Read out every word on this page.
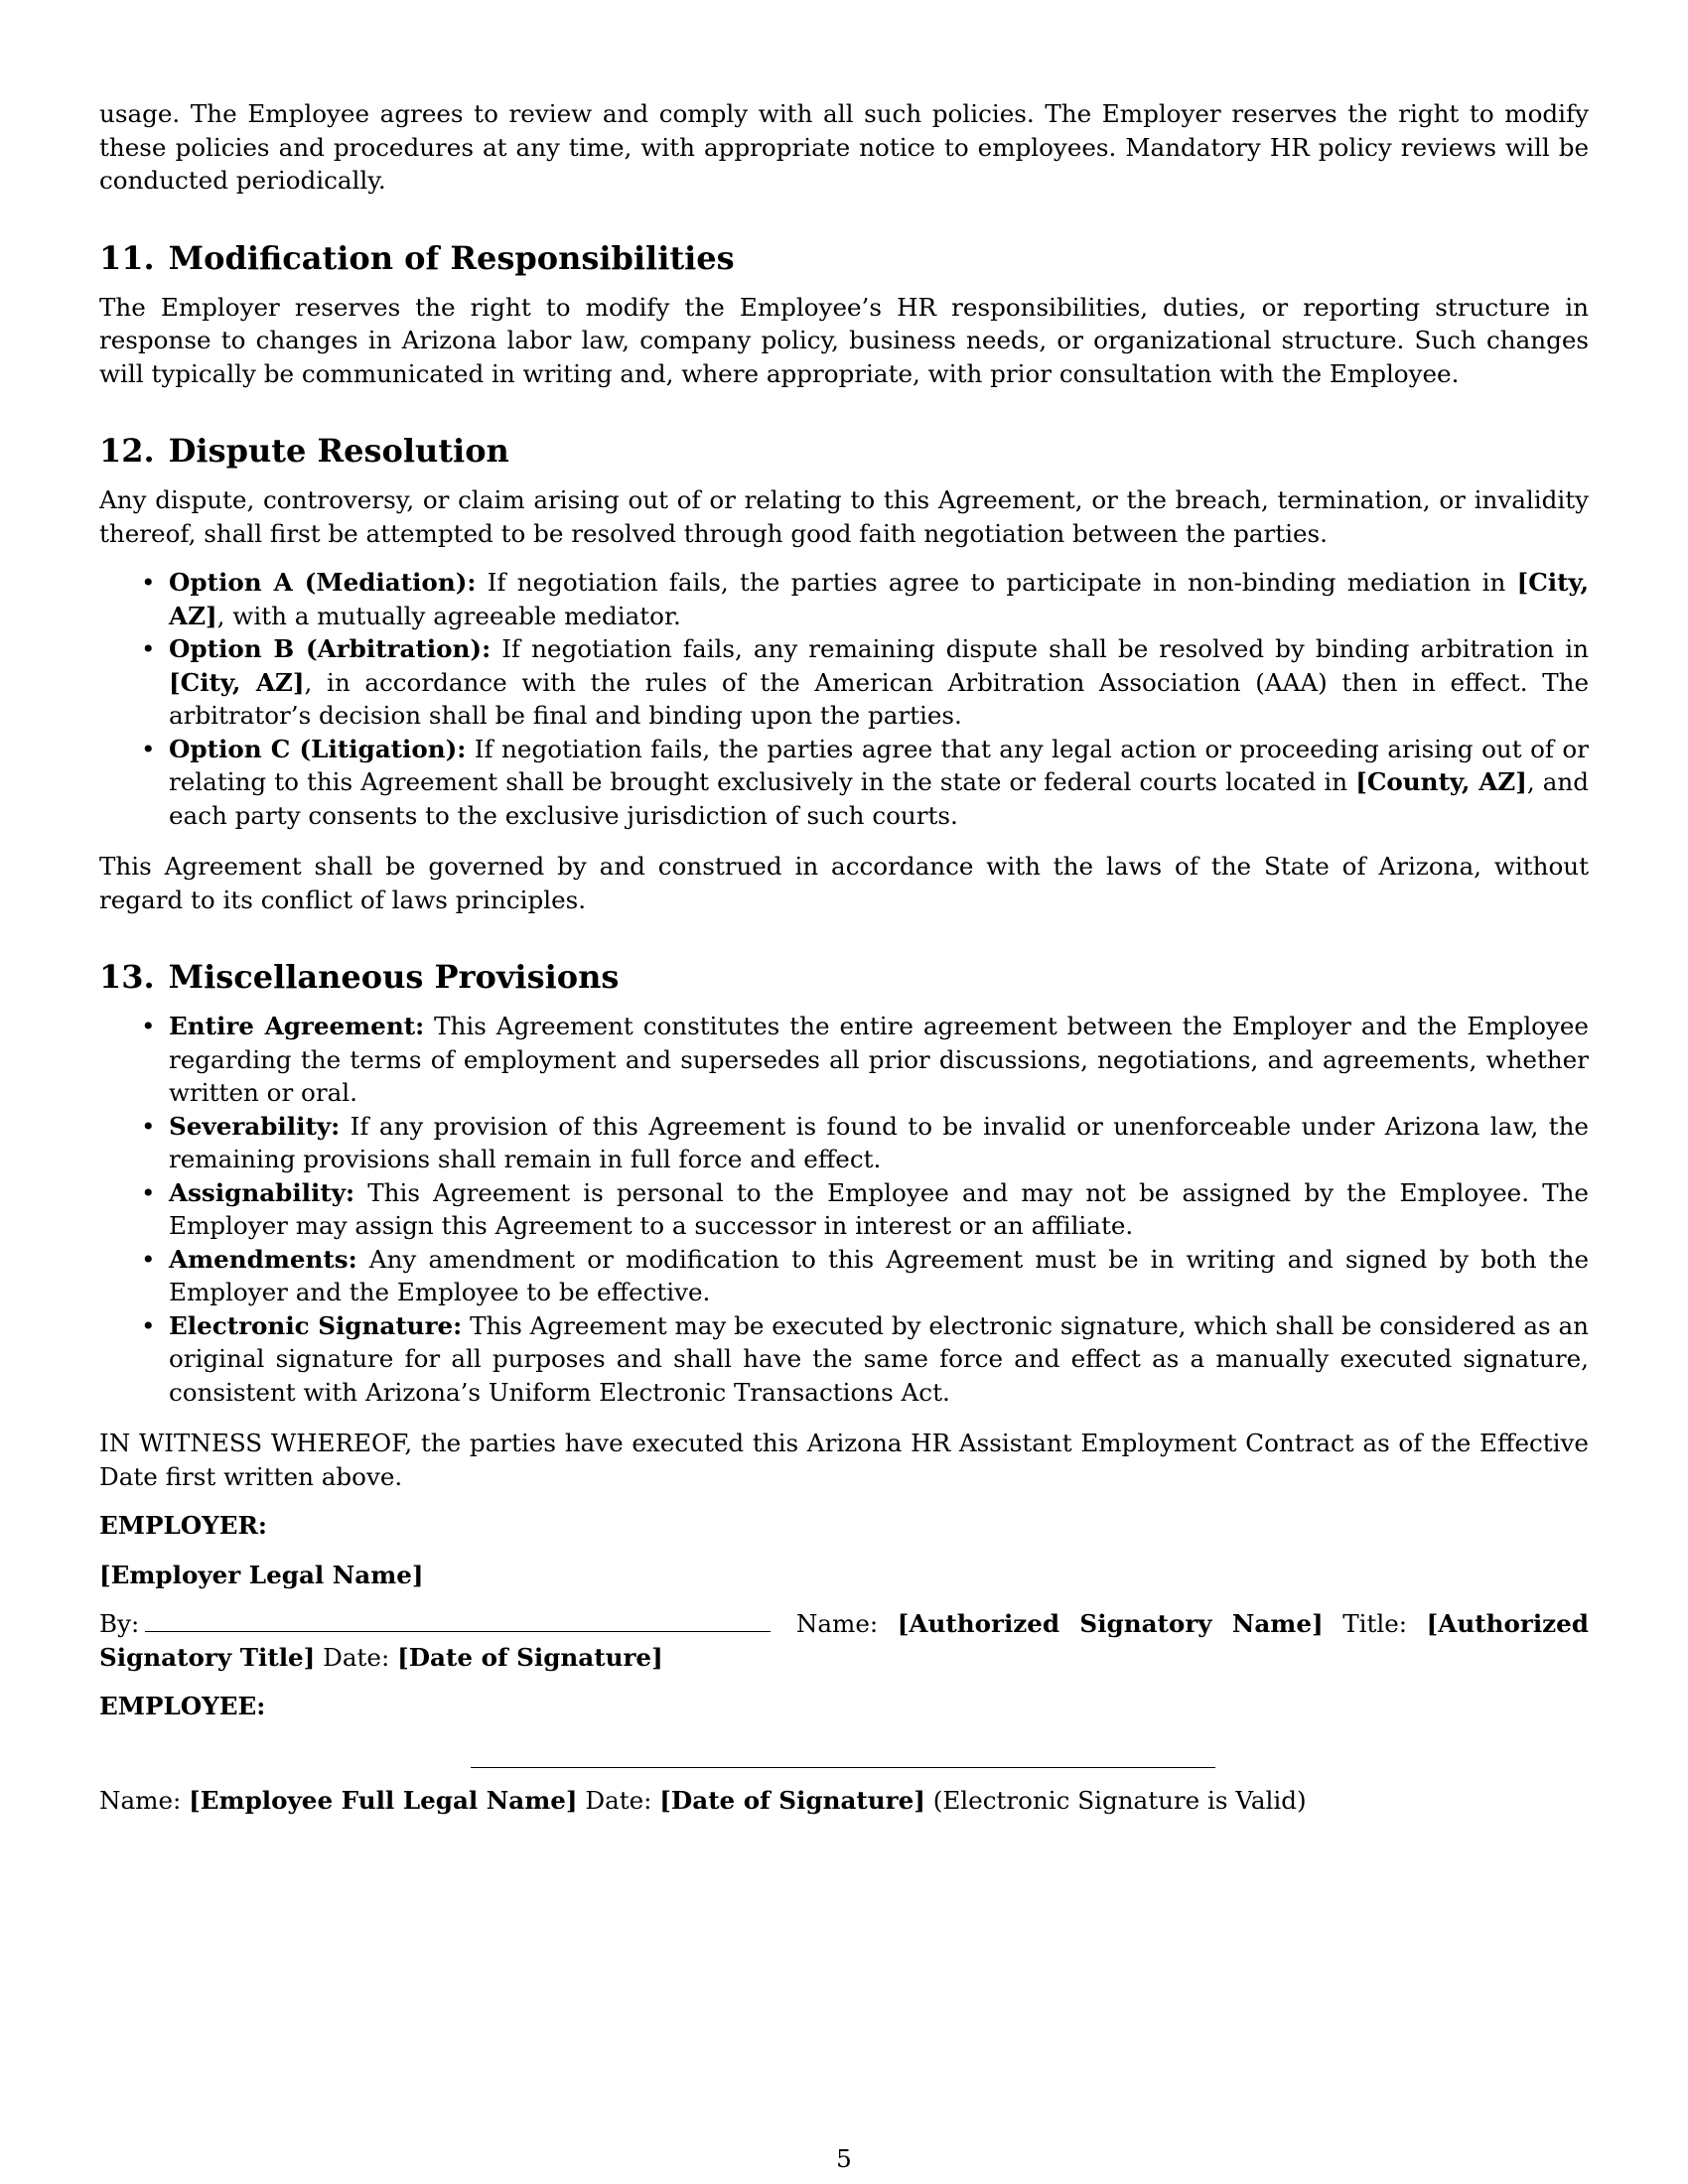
usage. The Employee agrees to review and comply with all such policies. The Employer reserves the right to modify these policies and procedures at any time, with appropriate notice to employees. Mandatory HR policy reviews will be conducted periodically.

11. Modification of Responsibilities

The Employer reserves the right to modify the Employee’s HR responsibilities, duties, or reporting structure in response to changes in Arizona labor law, company policy, business needs, or organizational structure. Such changes will typically be communicated in writing and, where appropriate, with prior consultation with the Employee.

12. Dispute Resolution

Any dispute, controversy, or claim arising out of or relating to this Agreement, or the breach, termination, or invalidity thereof, shall first be attempted to be resolved through good faith negotiation between the parties.

• Option A (Mediation): If negotiation fails, the parties agree to participate in non-binding mediation in [City, AZ], with a mutually agreeable mediator.
• Option B (Arbitration): If negotiation fails, any remaining dispute shall be resolved by binding arbitration in [City, AZ], in accordance with the rules of the American Arbitration Association (AAA) then in effect. The arbitrator’s decision shall be final and binding upon the parties.
• Option C (Litigation): If negotiation fails, the parties agree that any legal action or proceeding arising out of or relating to this Agreement shall be brought exclusively in the state or federal courts located in [County, AZ], and each party consents to the exclusive jurisdiction of such courts.

This Agreement shall be governed by and construed in accordance with the laws of the State of Arizona, without regard to its conflict of laws principles.

13. Miscellaneous Provisions
• Entire Agreement: This Agreement constitutes the entire agreement between the Employer and the Employee regarding the terms of employment and supersedes all prior discussions, negotiations, and agreements, whether written or oral.
• Severability: If any provision of this Agreement is found to be invalid or unenforceable under Arizona law, the remaining provisions shall remain in full force and effect.
• Assignability: This Agreement is personal to the Employee and may not be assigned by the Employee. The Employer may assign this Agreement to a successor in interest or an affiliate.
• Amendments: Any amendment or modification to this Agreement must be in writing and signed by both the Employer and the Employee to be effective.
• Electronic Signature: This Agreement may be executed by electronic signature, which shall be considered as an original signature for all purposes and shall have the same force and effect as a manually executed signature, consistent with Arizona’s Uniform Electronic Transactions Act.

IN WITNESS WHEREOF, the parties have executed this Arizona HR Assistant Employment Contract as of the Effective Date first written above.

EMPLOYER:

[Employer Legal Name]

By:	Name: [Authorized Signatory Name] Title: [Authorized Signatory Title] Date: [Date of Signature]

EMPLOYEE:

Name: [Employee Full Legal Name] Date: [Date of Signature] (Electronic Signature is Valid)

5
